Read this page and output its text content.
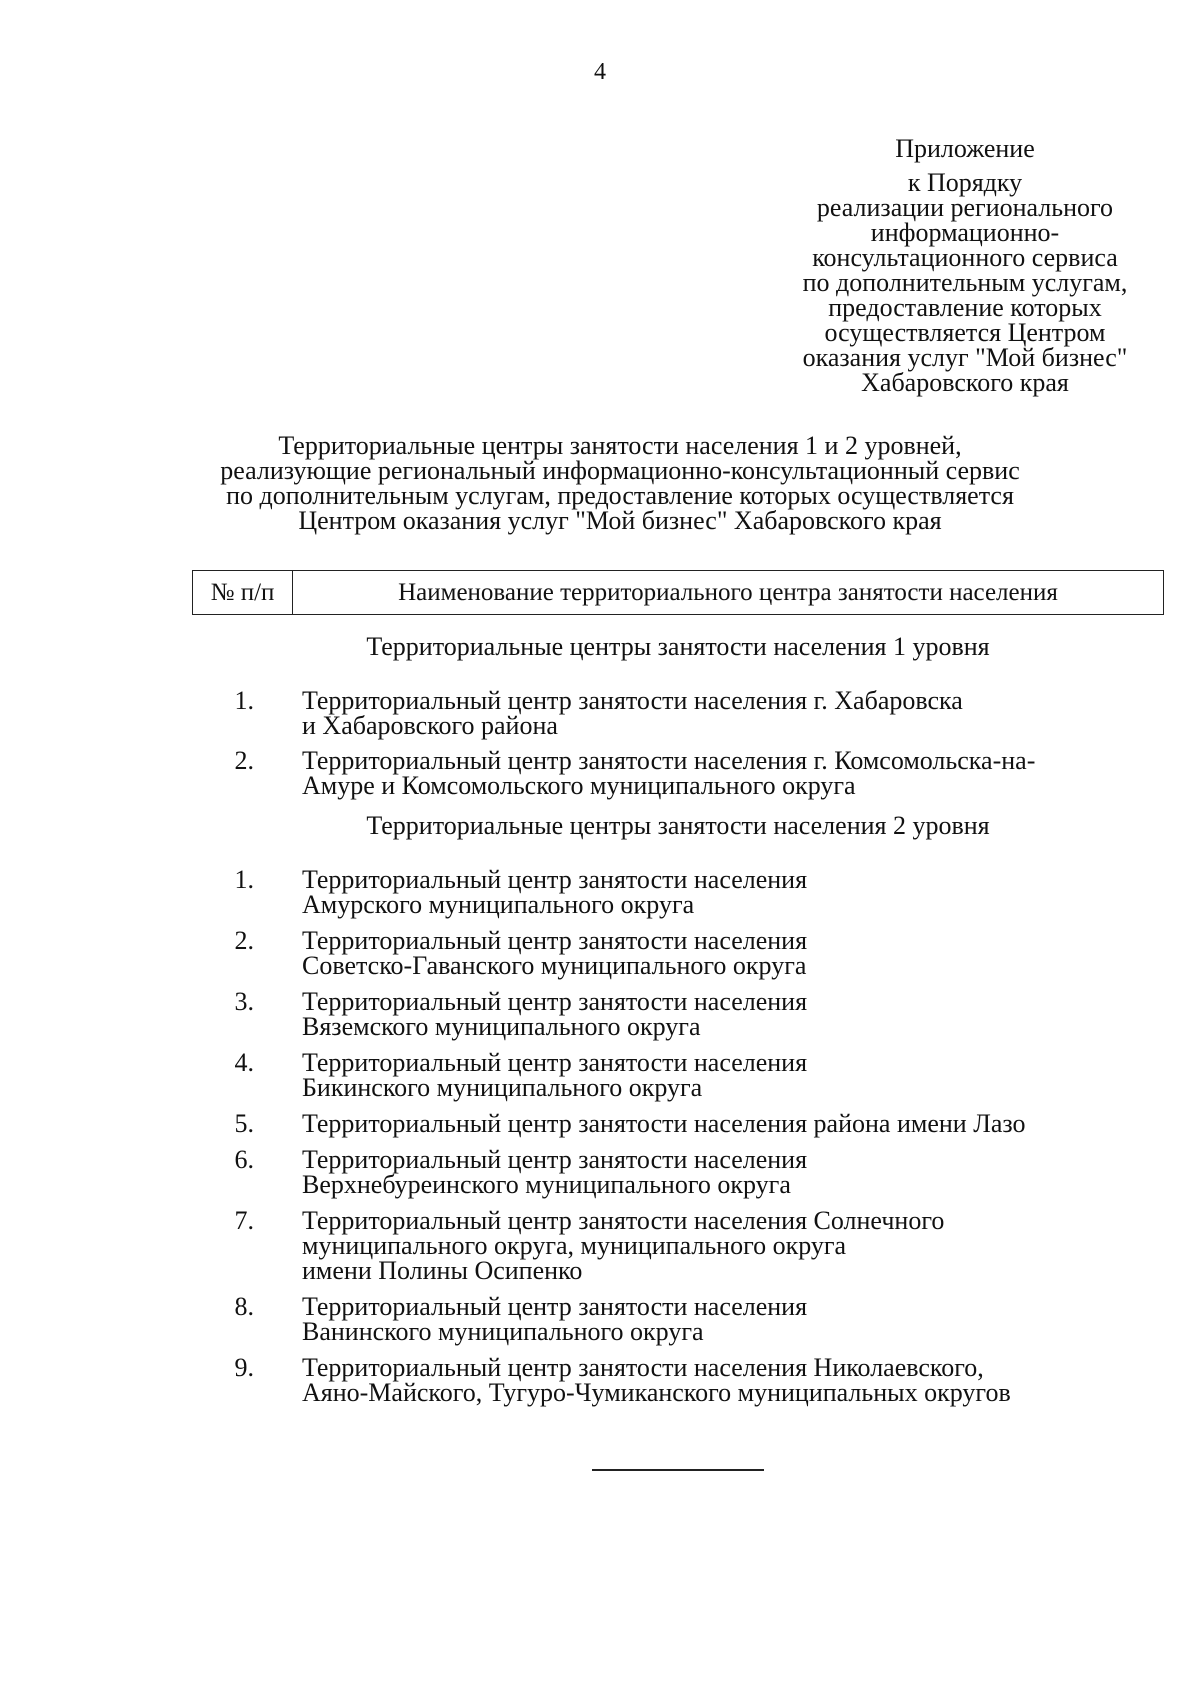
4
Приложение
к Порядку
реализации регионального
информационно-
консультационного сервиса
по дополнительным услугам,
предоставление которых
осуществляется Центром
оказания услуг "Мой бизнес"
Хабаровского края
Территориальные центры занятости населения 1 и 2 уровней,
реализующие региональный информационно-консультационный сервис
по дополнительным услугам, предоставление которых осуществляется
Центром оказания услуг "Мой бизнес" Хабаровского края
№ п/п	Наименование территориального центра занятости населения
Территориальные центры занятости населения 1 уровня
1. Территориальный центр занятости населения г. Хабаровска
и Хабаровского района
2. Территориальный центр занятости населения г. Комсомольска-на-
Амуре и Комсомольского муниципального округа
Территориальные центры занятости населения 2 уровня
1. Территориальный центр занятости населения
Амурского муниципального округа
2. Территориальный центр занятости населения
Советско-Гаванского муниципального округа
3. Территориальный центр занятости населения
Вяземского муниципального округа
4. Территориальный центр занятости населения
Бикинского муниципального округа
5. Территориальный центр занятости населения района имени Лазо
6. Территориальный центр занятости населения
Верхнебуреинского муниципального округа
7. Территориальный центр занятости населения Солнечного
муниципального округа, муниципального округа
имени Полины Осипенко
8. Территориальный центр занятости населения
Ванинского муниципального округа
9. Территориальный центр занятости населения Николаевского,
Аяно-Майского, Тугуро-Чумиканского муниципальных округов
